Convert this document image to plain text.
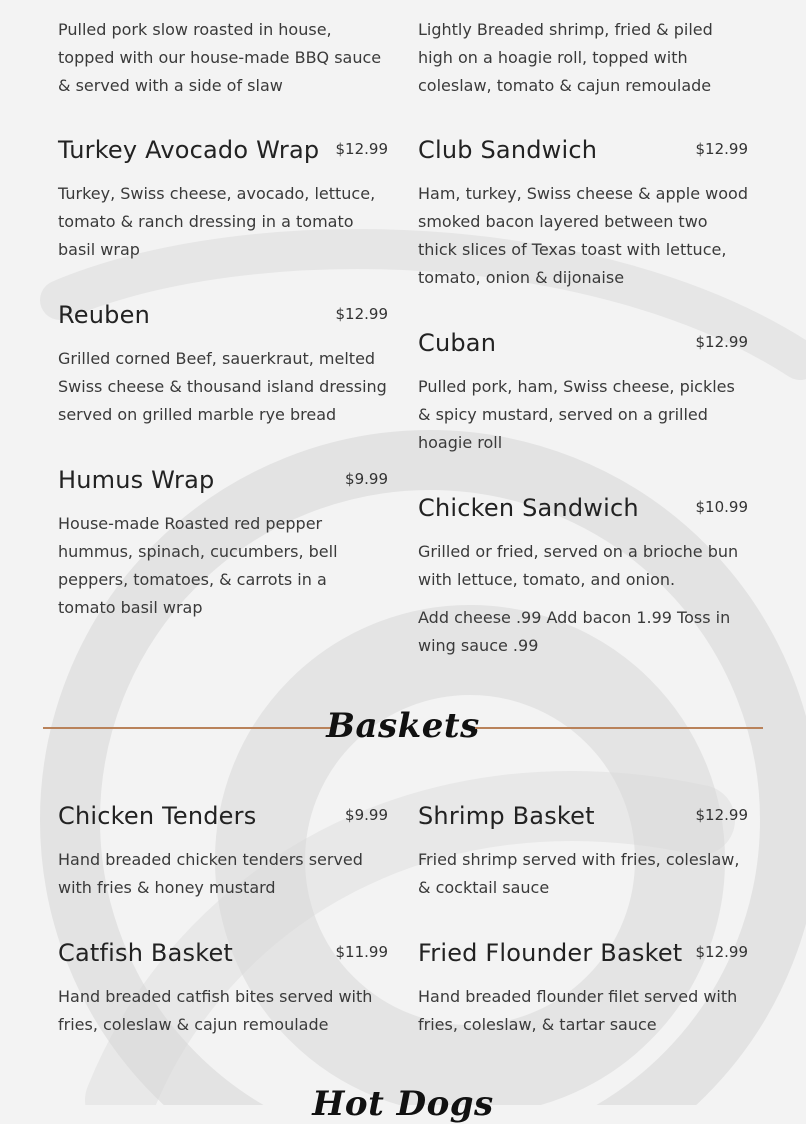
Pulled pork slow roasted in house, topped with our house-made BBQ sauce & served with a side of slaw

Turkey Avocado Wrap $12.99

Turkey, Swiss cheese, avocado, lettuce, tomato & ranch dressing in a tomato basil wrap

Reuben	$12.99

Grilled corned Beef, sauerkraut, melted Swiss cheese & thousand island dressing served on grilled marble rye bread

Humus Wrap	$9.99

House-made Roasted red pepper hummus, spinach, cucumbers, bell peppers, tomatoes, & carrots in a tomato basil wrap

Lightly Breaded shrimp, fried & piled high on a hoagie roll, topped with coleslaw, tomato & cajun remoulade

Club Sandwich	$12.99

Ham, turkey, Swiss cheese & apple wood smoked bacon layered between two thick slices of Texas toast with lettuce, tomato, onion & dijonaise

Cuban	$12.99

Pulled pork, ham, Swiss cheese, pickles & spicy mustard, served on a grilled hoagie roll

Chicken Sandwich	$10.99

Grilled or fried, served on a brioche bun with lettuce, tomato, and onion.

Add cheese .99 Add bacon 1.99 Toss in wing sauce .99

Baskets
Chicken Tenders	$9.99

Hand breaded chicken tenders served with fries & honey mustard

Catfish Basket	$11.99

Hand breaded catfish bites served with fries, coleslaw & cajun remoulade

Shrimp Basket	$12.99

Fried shrimp served with fries, coleslaw, & cocktail sauce

Fried Flounder Basket $12.99

Hand breaded flounder filet served with fries, coleslaw, & tartar sauce

Hot Dogs
